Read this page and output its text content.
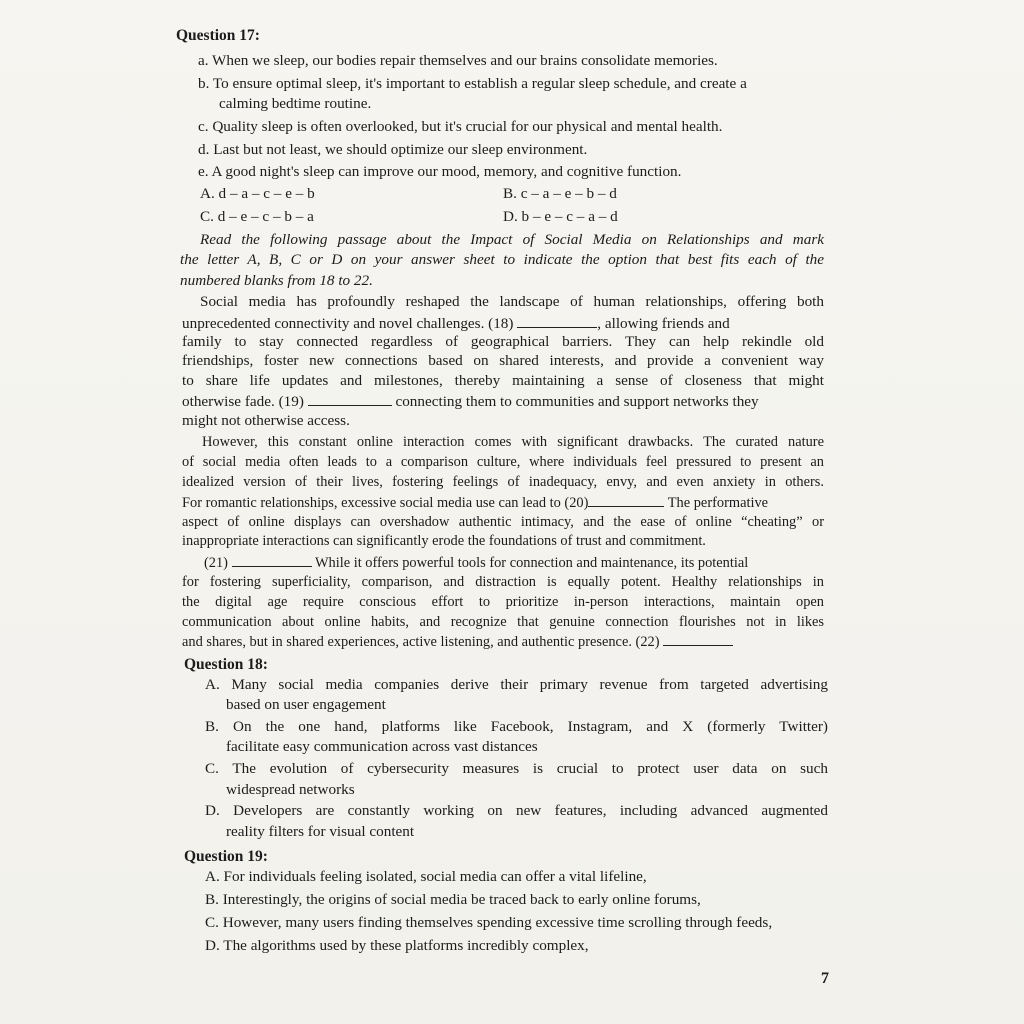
Question 17:
a. When we sleep, our bodies repair themselves and our brains consolidate memories.
b. To ensure optimal sleep, it's important to establish a regular sleep schedule, and create a
calming bedtime routine.
c. Quality sleep is often overlooked, but it's crucial for our physical and mental health.
d. Last but not least, we should optimize our sleep environment.
e. A good night's sleep can improve our mood, memory, and cognitive function.
A. d – a – c – e – b	B. c – a – e – b – d
C. d – e – c – b – a	D. b – e – c – a – d
Read the following passage about the Impact of Social Media on Relationships and mark
the letter A, B, C or D on your answer sheet to indicate the option that best fits each of the
numbered blanks from 18 to 22.
Social media has profoundly reshaped the landscape of human relationships, offering both
unprecedented connectivity and novel challenges. (18)	, allowing friends and
family to stay connected regardless of geographical barriers. They can help rekindle old
friendships, foster new connections based on shared interests, and provide a convenient way
to share life updates and milestones, thereby maintaining a sense of closeness that might
otherwise fade. (19)	connecting them to communities and support networks they
might not otherwise access.
However, this constant online interaction comes with significant drawbacks. The curated nature
of social media often leads to a comparison culture, where individuals feel pressured to present an
idealized version of their lives, fostering feelings of inadequacy, envy, and even anxiety in others.
For romantic relationships, excessive social media use can lead to (20)	The performative
aspect of online displays can overshadow authentic intimacy, and the ease of online “cheating” or
inappropriate interactions can significantly erode the foundations of trust and commitment.
(21)	While it offers powerful tools for connection and maintenance, its potential
for fostering superficiality, comparison, and distraction is equally potent. Healthy relationships in
the digital age require conscious effort to prioritize in-person interactions, maintain open
communication about online habits, and recognize that genuine connection flourishes not in likes
and shares, but in shared experiences, active listening, and authentic presence. (22)
Question 18:
A. Many social media companies derive their primary revenue from targeted advertising
based on user engagement
B. On the one hand, platforms like Facebook, Instagram, and X (formerly Twitter)
facilitate easy communication across vast distances
C. The evolution of cybersecurity measures is crucial to protect user data on such
widespread networks
D. Developers are constantly working on new features, including advanced augmented
reality filters for visual content
Question 19:
A. For individuals feeling isolated, social media can offer a vital lifeline,
B. Interestingly, the origins of social media be traced back to early online forums,
C. However, many users finding themselves spending excessive time scrolling through feeds,
D. The algorithms used by these platforms incredibly complex,
7
